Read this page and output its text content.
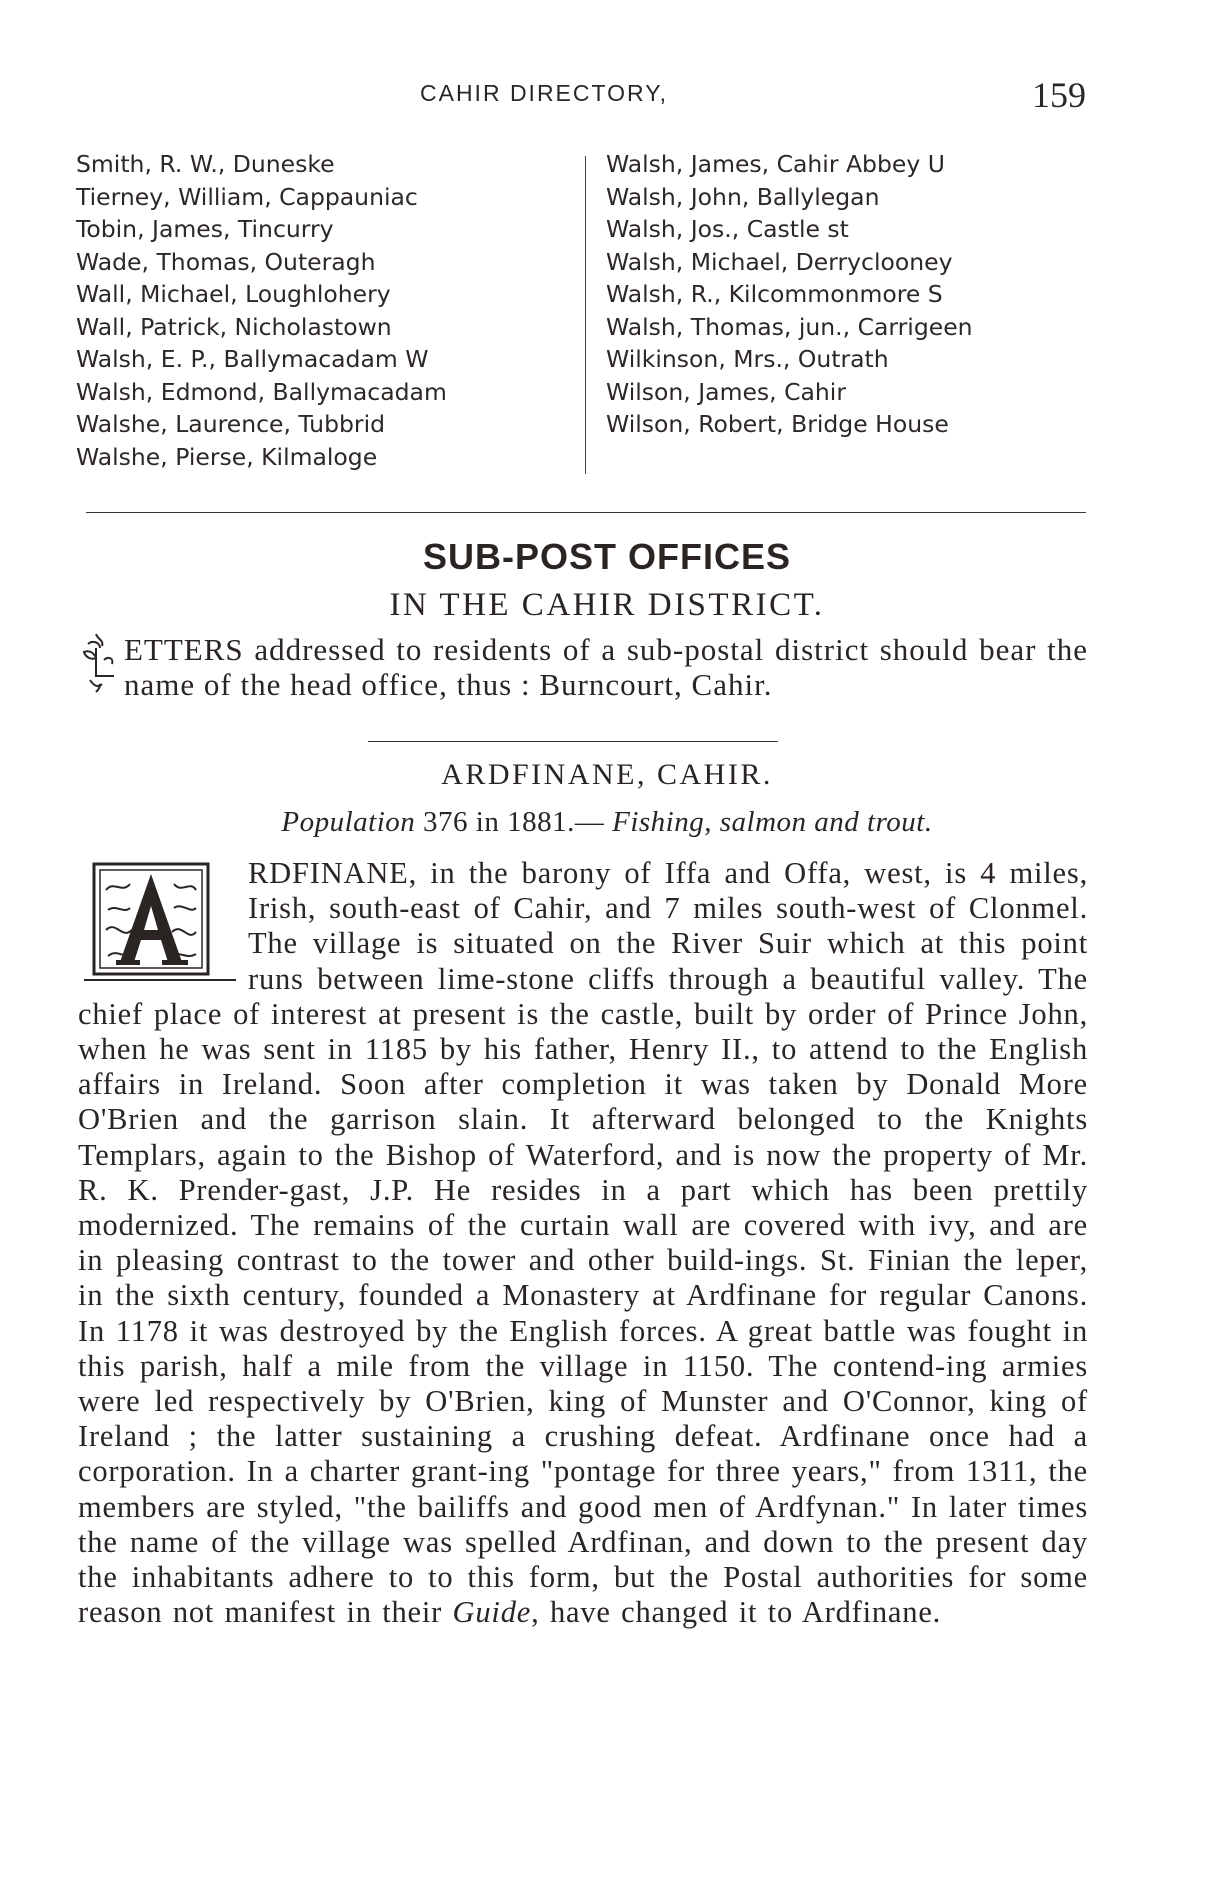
CAHIR DIRECTORY,	159
Smith, R. W., Duneske
Tierney, William, Cappauniac
Tobin, James, Tincurry
Wade, Thomas, Outeragh
Wall, Michael, Loughlohery
Wall, Patrick, Nicholastown
Walsh, E. P., Ballymacadam W
Walsh, Edmond, Ballymacadam
Walshe, Laurence, Tubbrid
Walshe, Pierse, Kilmaloge
Walsh, James, Cahir Abbey U
Walsh, John, Ballylegan
Walsh, Jos., Castle st
Walsh, Michael, Derryclooney
Walsh, R., Kilcommonmore S
Walsh, Thomas, jun., Carrigeen
Wilkinson, Mrs., Outrath
Wilson, James, Cahir
Wilson, Robert, Bridge House
SUB-POST OFFICES
IN THE CAHIR DISTRICT.
ETTERS addressed to residents of a sub-postal district should bear the name of the head office, thus : Burncourt, Cahir.
ARDFINANE, CAHIR.
Population 376 in 1881.— Fishing, salmon and trout.
RDFINANE, in the barony of Iffa and Offa, west, is 4 miles, Irish, south-east of Cahir, and 7 miles south-west of Clonmel. The village is situated on the River Suir which at this point runs between lime-stone cliffs through a beautiful valley. The chief place of interest at present is the castle, built by order of Prince John, when he was sent in 1185 by his father, Henry II., to attend to the English affairs in Ireland. Soon after completion it was taken by Donald More O'Brien and the garrison slain. It afterward belonged to the Knights Templars, again to the Bishop of Waterford, and is now the property of Mr. R. K. Prender-gast, J.P. He resides in a part which has been prettily modernized. The remains of the curtain wall are covered with ivy, and are in pleasing contrast to the tower and other build-ings. St. Finian the leper, in the sixth century, founded a Monastery at Ardfinane for regular Canons. In 1178 it was destroyed by the English forces. A great battle was fought in this parish, half a mile from the village in 1150. The contend-ing armies were led respectively by O'Brien, king of Munster and O'Connor, king of Ireland ; the latter sustaining a crushing defeat. Ardfinane once had a corporation. In a charter grant-ing "pontage for three years," from 1311, the members are styled, "the bailiffs and good men of Ardfynan." In later times the name of the village was spelled Ardfinan, and down to the present day the inhabitants adhere to to this form, but the Postal authorities for some reason not manifest in their Guide, have changed it to Ardfinane.
